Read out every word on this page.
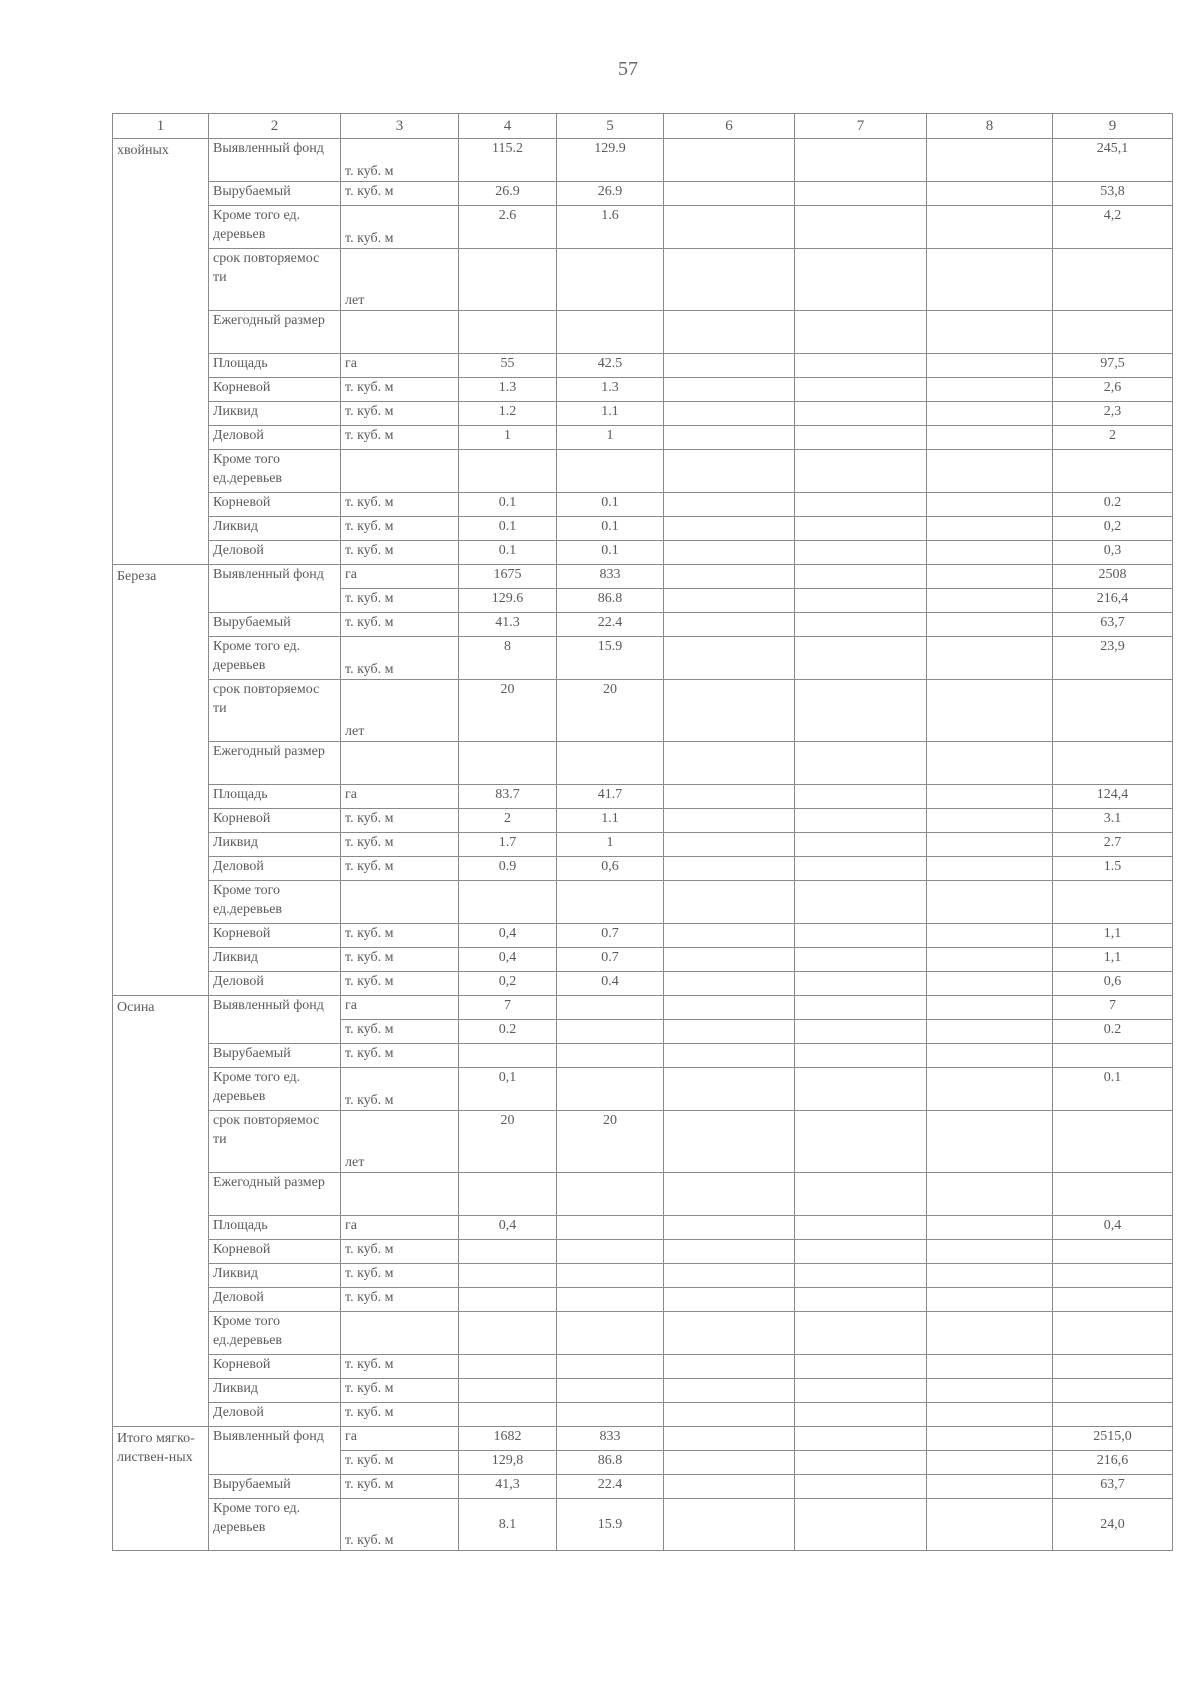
57
1	2	3	4	5	6	7	8	9
хвойных	Выявленный фонд	т. куб. м	115.2	129.9				245,1
	Вырубаемый	т. куб. м	26.9	26.9				53,8
	Кроме того ед. деревьев	т. куб. м	2.6	1.6				4,2
	срок повторяемос ти	лет						
	Ежегодный размер							
	Площадь	га	55	42.5				97,5
	Корневой	т. куб. м	1.3	1.3				2,6
	Ликвид	т. куб. м	1.2	1.1				2,3
	Деловой	т. куб. м	1	1				2
	Кроме того ед.деревьев							
	Корневой	т. куб. м	0.1	0.1				0.2
	Ликвид	т. куб. м	0.1	0.1				0,2
	Деловой	т. куб. м	0.1	0.1				0,3
Береза	Выявленный фонд	га	1675	833				2508
		т. куб. м	129.6	86.8				216,4
	Вырубаемый	т. куб. м	41.3	22.4				63,7
	Кроме того ед. деревьев	т. куб. м	8	15.9				23,9
	срок повторяемос ти	лет	20	20				
	Ежегодный размер							
	Площадь	га	83.7	41.7				124,4
	Корневой	т. куб. м	2	1.1				3.1
	Ликвид	т. куб. м	1.7	1				2.7
	Деловой	т. куб. м	0.9	0,6				1.5
	Кроме того ед.деревьев							
	Корневой	т. куб. м	0,4	0.7				1,1
	Ликвид	т. куб. м	0,4	0.7				1,1
	Деловой	т. куб. м	0,2	0.4				0,6
Осина	Выявленный фонд	га	7					7
		т. куб. м	0.2					0.2
	Вырубаемый	т. куб. м						
	Кроме того ед. деревьев	т. куб. м	0,1					0.1
	срок повторяемос ти	лет	20	20				
	Ежегодный размер							
	Площадь	га	0,4					0,4
	Корневой	т. куб. м						
	Ликвид	т. куб. м						
	Деловой	т. куб. м						
	Кроме того ед.деревьев							
	Корневой	т. куб. м						
	Ликвид	т. куб. м						
	Деловой	т. куб. м						
Итого мягко-листвен-ных	Выявленный фонд	га	1682	833				2515,0
		т. куб. м	129,8	86.8				216,6
	Вырубаемый	т. куб. м	41,3	22.4				63,7
	Кроме того ед. деревьев	т. куб. м	8.1	15.9				24,0
